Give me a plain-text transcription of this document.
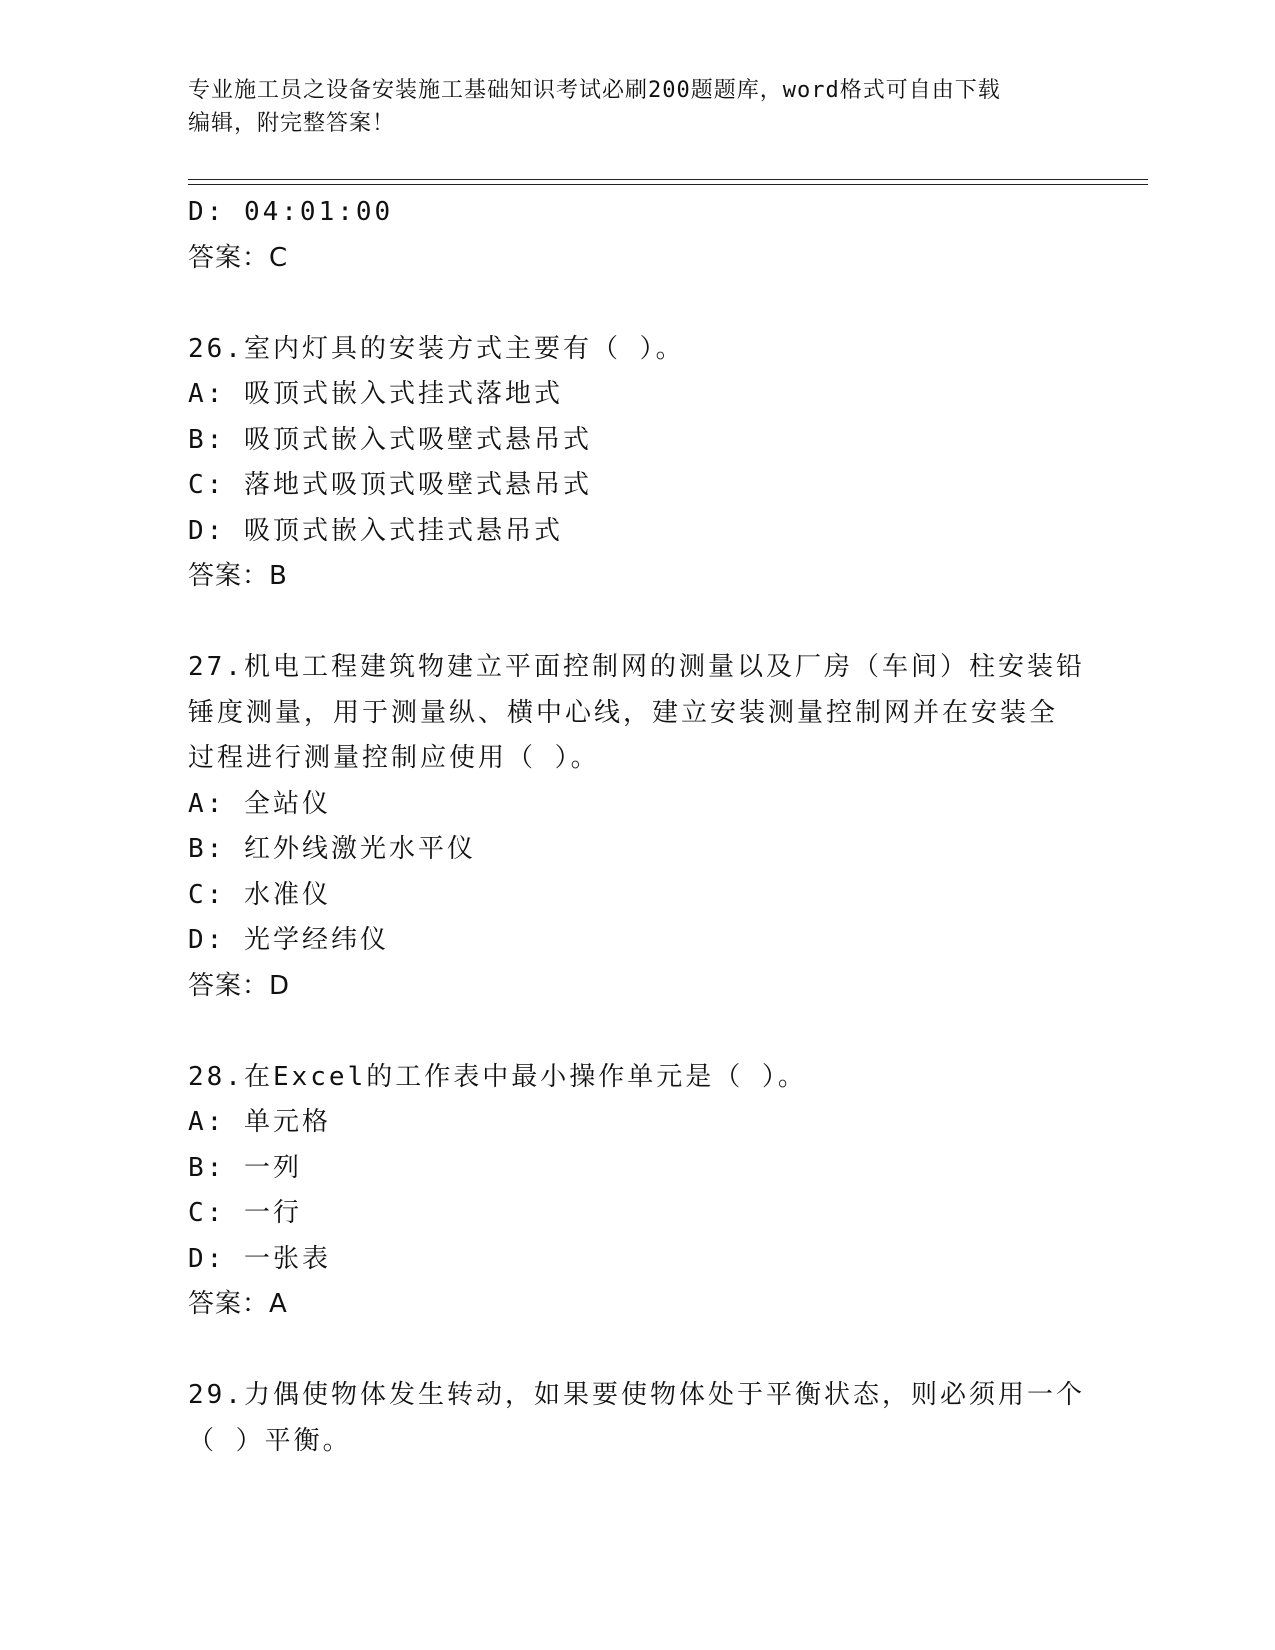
专业施工员之设备安装施工基础知识考试必刷200题题库，word格式可自由下载
编辑，附完整答案！
D: 04:01:00
答案：C
26.室内灯具的安装方式主要有（ ）。
A: 吸顶式嵌入式挂式落地式
B: 吸顶式嵌入式吸壁式悬吊式
C: 落地式吸顶式吸壁式悬吊式
D: 吸顶式嵌入式挂式悬吊式
答案：B
27.机电工程建筑物建立平面控制网的测量以及厂房（车间）柱安装铅
锤度测量，用于测量纵、横中心线，建立安装测量控制网并在安装全
过程进行测量控制应使用（ ）。
A: 全站仪
B: 红外线激光水平仪
C: 水准仪
D: 光学经纬仪
答案：D
28.在Excel的工作表中最小操作单元是（ ）。
A: 单元格
B: 一列
C: 一行
D: 一张表
答案：A
29.力偶使物体发生转动，如果要使物体处于平衡状态，则必须用一个
（ ）平衡。
